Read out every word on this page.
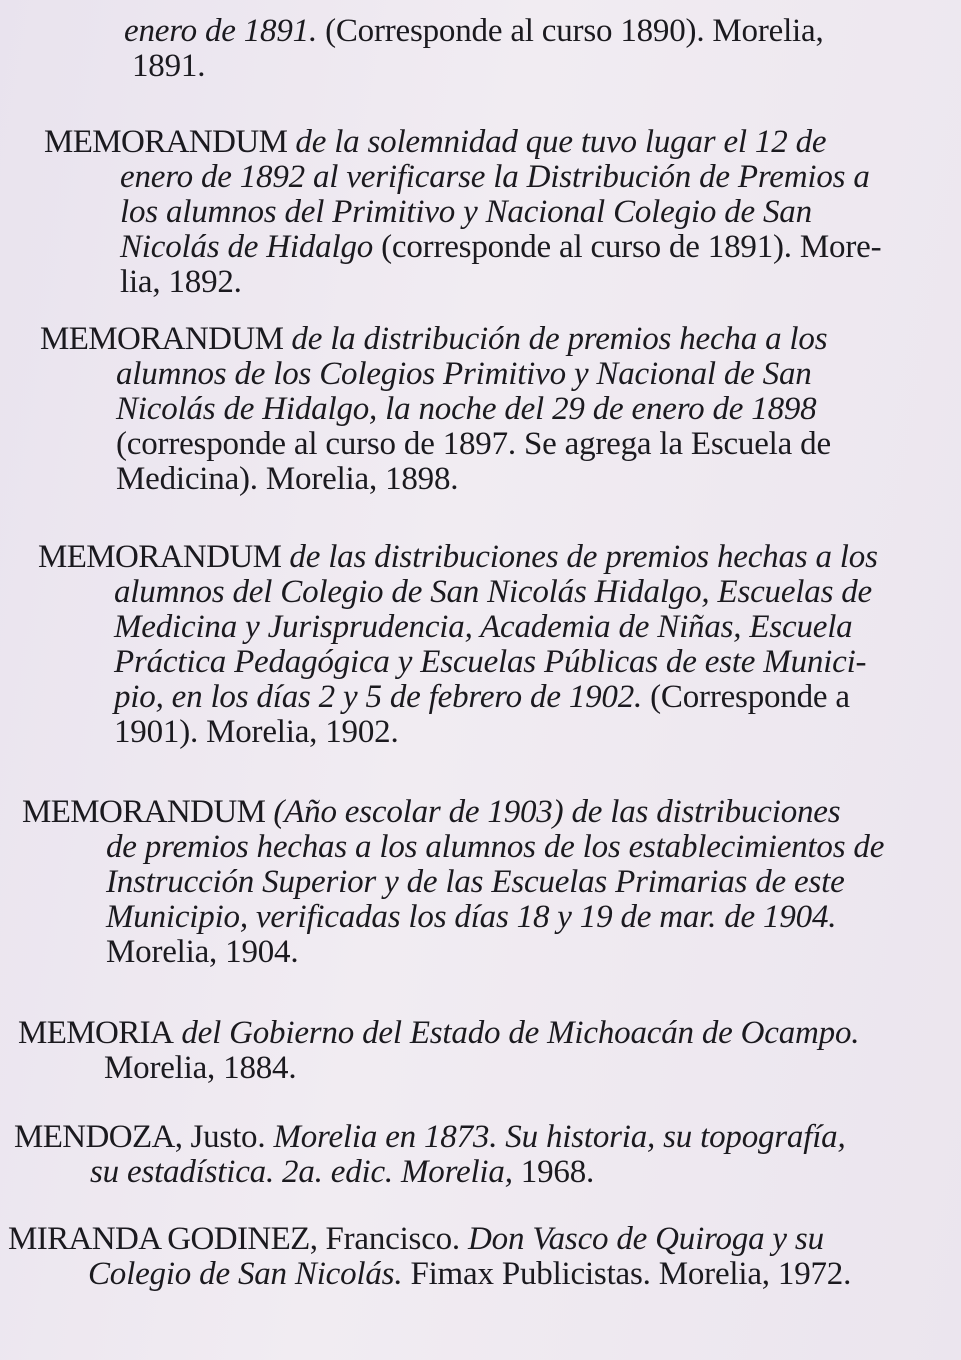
enero de 1891. (Corresponde al curso 1890). Morelia,
1891.
MEMORANDUM de la solemnidad que tuvo lugar el 12 de
enero de 1892 al verificarse la Distribución de Premios a
los alumnos del Primitivo y Nacional Colegio de San
Nicolás de Hidalgo (corresponde al curso de 1891). More-
lia, 1892.
MEMORANDUM de la distribución de premios hecha a los
alumnos de los Colegios Primitivo y Nacional de San
Nicolás de Hidalgo, la noche del 29 de enero de 1898
(corresponde al curso de 1897. Se agrega la Escuela de
Medicina). Morelia, 1898.
MEMORANDUM de las distribuciones de premios hechas a los
alumnos del Colegio de San Nicolás Hidalgo, Escuelas de
Medicina y Jurisprudencia, Academia de Niñas, Escuela
Práctica Pedagógica y Escuelas Públicas de este Munici-
pio, en los días 2 y 5 de febrero de 1902. (Corresponde a
1901). Morelia, 1902.
MEMORANDUM (Año escolar de 1903) de las distribuciones
de premios hechas a los alumnos de los establecimientos de
Instrucción Superior y de las Escuelas Primarias de este
Municipio, verificadas los días 18 y 19 de mar. de 1904.
Morelia, 1904.
MEMORIA del Gobierno del Estado de Michoacán de Ocampo.
Morelia, 1884.
MENDOZA, Justo. Morelia en 1873. Su historia, su topografía,
su estadística. 2a. edic. Morelia, 1968.
MIRANDA GODINEZ, Francisco. Don Vasco de Quiroga y su
Colegio de San Nicolás. Fimax Publicistas. Morelia, 1972.
